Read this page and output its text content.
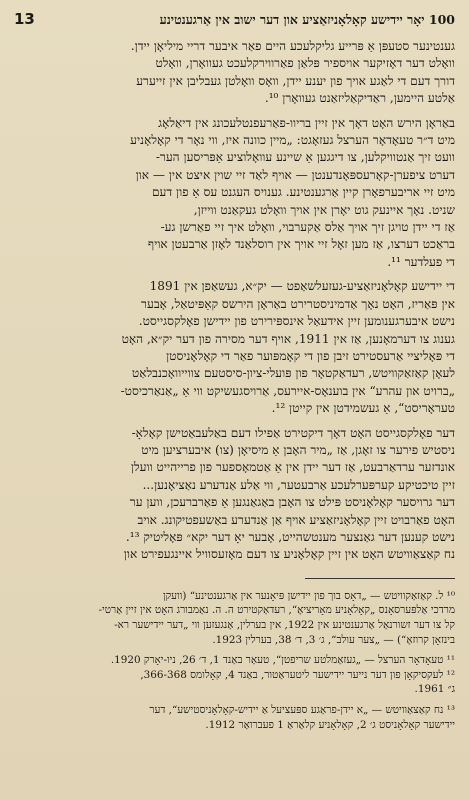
13	100 יאָר יידישע קאָלאָניזאַציע און דער ישוב אין אַרגענטינע
גענטינער סטעפּן אַ פּרייע גליקלעכע היים פאַר איבער דריי מיליאָן יידן.
וואָלט דער דאָזיקער אויספיר פּלאַן פאַרווירקלעכט געוואָרן, וואָלט
דורך דעם די לאַגע אויך פון יענע יידן, וואָס וואָלטן געבליבן אין זייערע
אַלטע היימען, ראַדיקאַליזאַנט געוואָרן ¹⁰.
באַראָן הירש האָט דאָך אין זיין בריוו-פאַרעפנטלעכונג אין דיאַלאָג
מיט ד״ר טעאָדאָר הערצל געזאָגט: „מיין כוונה איז, ווי נאָר די קאָלאָניע
וועט זיך אַנטוויקלען, צו דיגגען אַ שיינע עוואָלוציע אַפּריסען הער-
דערט ציפערן-קאָרעספּאָנדענטן — אויף לאַד זיי שוין איצט אין — און
מיט זיי אריבערפאָרן קיין אַרגענטינע. גענויס העגנט עס אַ פון דעם
שניט. נאָך איינעק גוט יאָרן אין אויך וואָלט געקאַנט ווייזן,
אַז די יידן טויגן זיך אויך אַלס אַקערבוי, וואָלט איך זיי פאַרשן גע-
בראַכט דערצו, אַז מען זאָל זיי אויך אין רוסלאַנד לאָזן אַרבעטן אויף
די פעלדער ¹¹.
די יידישע קאָלאָניזאַציע-געזעלשאַפט — יק״א, געשאַפן אין 1891
אין פּאַריז, האָט נאָך אַדמיניסטרירט באַראָן הירשס קאַפּיטאַל, אָבער
נישט איבערגענומען זיין אידעאַל אינספּירירט פון יידישן פאָלקסגייסט.
גענוג צו דערמאָנען, אַז אין 1911, אויף דער מסירה פון דער יק״א, האָט
די פּאָליציי אַרעסטירט זיבן פון די קאָמפּוער פאַר די קאָלאָניסטן
לעאָן קאַזאַקוויטש, רעדאַקטאָר פון פּועלי-ציון-סיסטעם צווייוואָכנבלאַט
„ברויט און עהרע“ אין בוענאָס-איירעס, אַרויסגעשיקט ווי אַ „אַנאַרכיסט-
טעראָריסט“, אַ געשמידטן אין קייטן ¹².
דער פאָלקסגייסט האָט דאָך דיקטירט אַפילו דעם באַלעבאַטישן קאָלאָ-
ניסטיש פירער צו זאָגן, אַז „מיר האָבן אַ מיסיאָן (צו) איבערציען מיט
אונדזער ערדאַרבעט, אַז דער יידן אין אַ אַטמאָספער פון פרייהייט וועלן
זיין טיכטיקע קערפּערלעכע אַרבעטער, ווי אַלע אַנדערע נאַציאָנען...
דער גרויסער קאָלאָניסט פּילט צו האָבן באַגאַנגען אַ פאַרברעכן, ווען ער
האָט פאַרבויט זיין קאָלאָניזאַציע אויף אַן אַנדערע באַשעפטיקונג. אויב
נישט קענען דער גאַנצער מענטשהייט, אָבער יאָ דער יקא״ פּאָליטיק ¹³.
נח קאַצאַוויטש האָט אין זיין קאָלאָניע צו דעם מאָזעסוויל איינגעפירט און
¹⁰ ל. קאַזאַקוויטש — „דאָס בוך פון יידישן פּיאָנער אין אַרגענטינע“ (וועקן
מרדכי אַלפּערסאָנס „קאָלאָניע מאָריציאָ“, רעדאַקטירט ה. ה. נאַמבורג האָט אין זיין אַרטי-
קל צו דער זשורנאַל אַרגענטינע אין 1922, אין בערלין, אַנגעזען ווי „דער יידישער רא-
בינזאָן קרוזאָ“) — „צער עולב“, ג׳ 3, ד׳ 38, בערלין 1923.
¹¹ טעאָדאָר הערצל — „געזאַמלטע שריפטן“, טעאַר באַנד 1, ד׳ 26, ניו-יאָרק 1920.
¹² לעקסיקאָן פון דער נייער יידישער ליטעראַטור, באַנד 4, קאָלומס 366-368,
ג״ 1961.
¹³ נח קאַצאַוויטש — „א יידן-פראַגע ספּעציעל אַ יידיש-קאָלאָניסטישע“, דער
יידישער קאָלאָניסט ג׳ 2, קאָלאָניע קלאַראַ 1 פעברואַר 1912.
